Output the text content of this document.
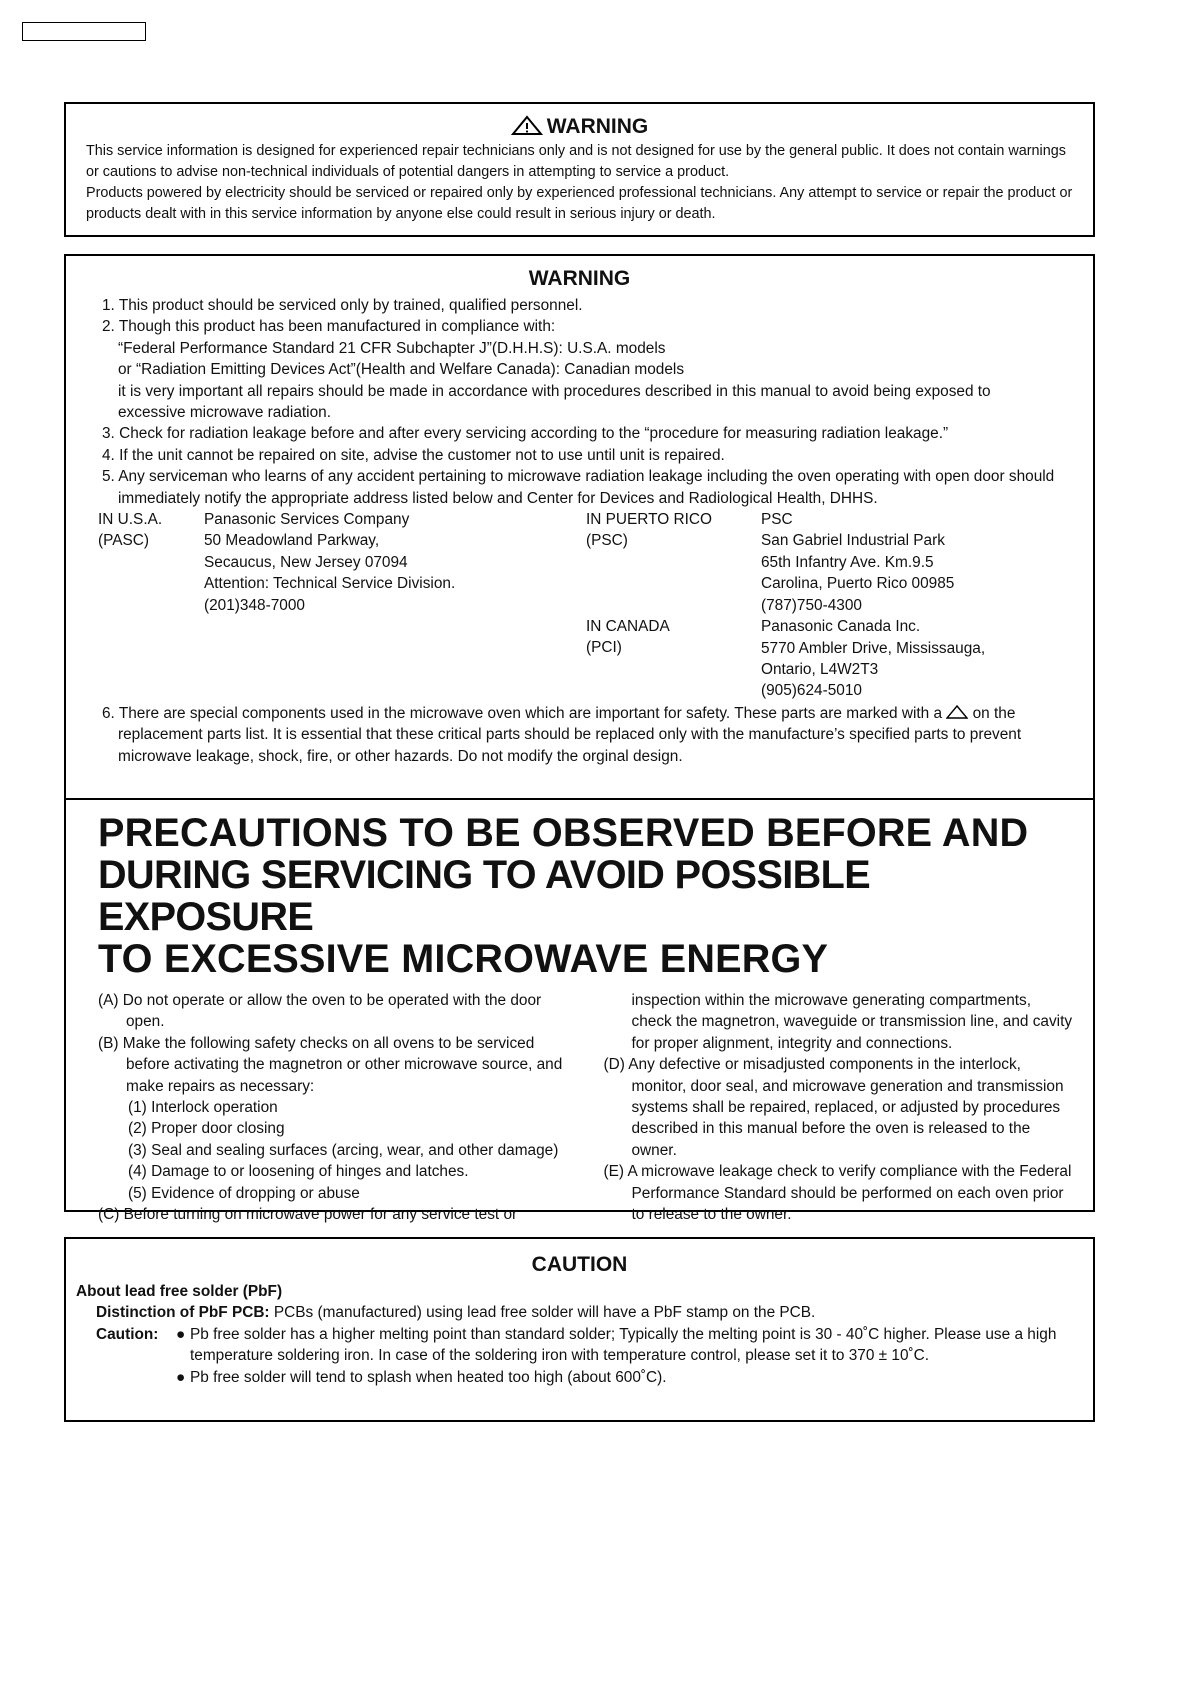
WARNING
This service information is designed for experienced repair technicians only and is not designed for use by the general public. It does not contain warnings or cautions to advise non-technical individuals of potential dangers in attempting to service a product.
Products powered by electricity should be serviced or repaired only by experienced professional technicians. Any attempt to service or repair the product or products dealt with in this service information by anyone else could result in serious injury or death.
WARNING
1. This product should be serviced only by trained, qualified personnel.
2. Though this product has been manufactured in compliance with:
“Federal Performance Standard 21 CFR Subchapter J”(D.H.H.S): U.S.A. models
or “Radiation Emitting Devices Act”(Health and Welfare Canada): Canadian models
it is very important all repairs should be made in accordance with procedures described in this manual to avoid being exposed to excessive microwave radiation.
3. Check for radiation leakage before and after every servicing according to the “procedure for measuring radiation leakage.”
4. If the unit cannot be repaired on site, advise the customer not to use until unit is repaired.
5. Any serviceman who learns of any accident pertaining to microwave radiation leakage including the oven operating with open door should immediately notify the appropriate address listed below and Center for Devices and Radiological Health, DHHS.
IN U.S.A.
(PASC)
Panasonic Services Company
50 Meadowland Parkway,
Secaucus, New Jersey 07094
Attention: Technical Service Division.
(201)348-7000
IN PUERTO RICO
(PSC)
IN CANADA
(PCI)
PSC
San Gabriel Industrial Park
65th Infantry Ave. Km.9.5
Carolina, Puerto Rico 00985
(787)750-4300
Panasonic Canada Inc.
5770 Ambler Drive, Mississauga,
Ontario, L4W2T3
(905)624-5010
6. There are special components used in the microwave oven which are important for safety. These parts are marked with a  on the replacement parts list. It is essential that these critical parts should be replaced only with the manufacture’s specified parts to prevent microwave leakage, shock, fire, or other hazards. Do not modify the orginal design.
PRECAUTIONS TO BE OBSERVED BEFORE AND
DURING SERVICING TO AVOID POSSIBLE EXPOSURE
TO EXCESSIVE MICROWAVE ENERGY
(A) Do not operate or allow the oven to be operated with the door open.
(B) Make the following safety checks on all ovens to be serviced before activating the magnetron or other microwave source, and make repairs as necessary:
(1) Interlock operation
(2) Proper door closing
(3) Seal and sealing surfaces (arcing, wear, and other damage)
(4) Damage to or loosening of hinges and latches.
(5) Evidence of dropping or abuse
(C) Before turning on microwave power for any service test or
inspection within the microwave generating compartments, check the magnetron, waveguide or transmission line, and cavity for proper alignment, integrity and connections.
(D) Any defective or misadjusted components in the interlock, monitor, door seal, and microwave generation and transmission systems shall be repaired, replaced, or adjusted by procedures described in this manual before the oven is released to the owner.
(E) A microwave leakage check to verify compliance with the Federal Performance Standard should be performed on each oven prior to release to the owner.
CAUTION
About lead free solder (PbF)
Distinction of PbF PCB: PCBs (manufactured) using lead free solder will have a PbF stamp on the PCB.
Caution:	● Pb free solder has a higher melting point than standard solder; Typically the melting point is 30 - 40˚C higher. Please use a high temperature soldering iron. In case of the soldering iron with temperature control, please set it to 370 ± 10˚C.
● Pb free solder will tend to splash when heated too high (about 600˚C).
